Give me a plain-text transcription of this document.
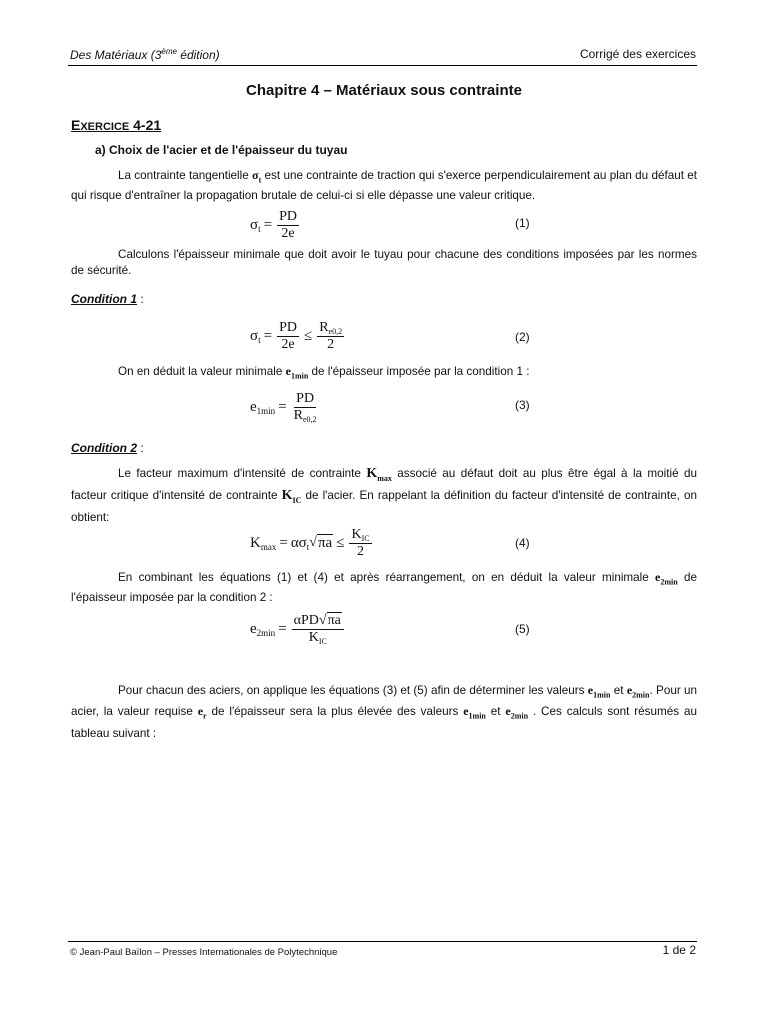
Des Matériaux (3ème édition)	Corrigé des exercices
Chapitre 4 – Matériaux sous contrainte
EXERCICE 4-21
a) Choix de l'acier et de l'épaisseur du tuyau
La contrainte tangentielle $\sigma_t$ est une contrainte de traction qui s'exerce perpendiculairement au plan du défaut et qui risque d'entraîner la propagation brutale de celui-ci si elle dépasse une valeur critique.
σ $t = \frac{PD}{2e}$	(1)
Calculons l'épaisseur minimale que doit avoir le tuyau pour chacune des conditions imposées par les normes de sécurité.
Condition 1 :
σ $t = \frac{PD}{2e} \le \frac{R_{e0,2}}{2}$	(2)
On en déduit la valeur minimale $e_{1min}$ de l'épaisseur imposée par la condition 1 :
e $1\min = \frac{PD}{R_{e0,2}}$	(3)
Condition 2 :
Le facteur maximum d'intensité de contrainte $K_{max}$ associé au défaut doit au plus être égal à la moitié du facteur critique d'intensité de contrainte $K_{IC}$ de l'acier. En rappelant la définition du facteur d'intensité de contrainte, on obtient:
K max = ασ t √ $\pi a \le \frac{K_{IC}}{2}$	(4)
En combinant les équations (1) et (4) et après réarrangement, on en déduit la valeur minimale $e_{2min}$ de l'épaisseur imposée par la condition 2 :
e $2\min = \frac{\text{αPD√πa}}{K_{IC}}$	(5)
Pour chacun des aciers, on applique les équations (3) et (5) afin de déterminer les valeurs $e_{1min}$ et $e_{2min}$. Pour un acier, la valeur requise $e_r$ de l'épaisseur sera la plus élevée des valeurs $e_{1min}$ et $e_{2min}$ . Ces calculs sont résumés au tableau suivant :
© Jean-Paul Baïlon – Presses Internationales de Polytechnique	1 de 2
